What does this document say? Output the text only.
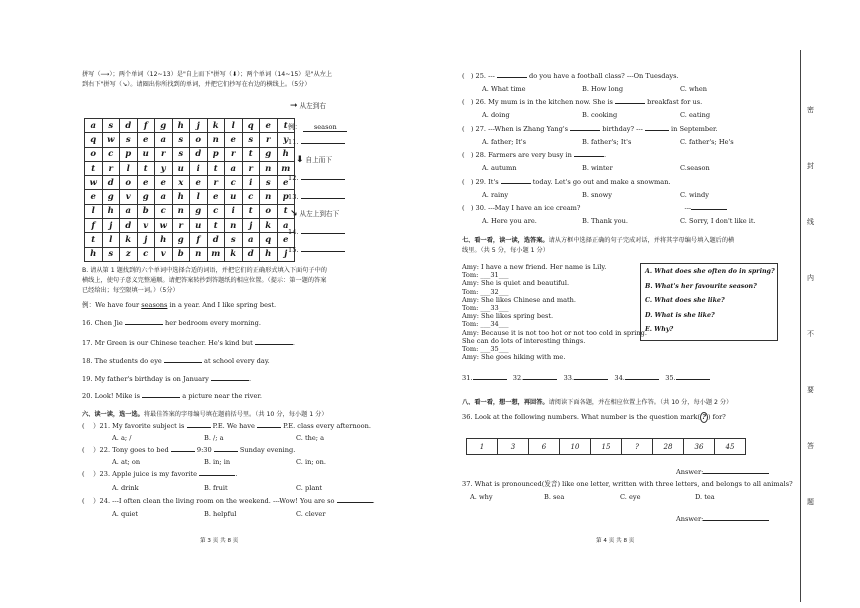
拼写（⟶）；两个单词（12~13）是"自上而下"拼写（⬇）；两个单词（14~15）是"从左上
到右下"拼写（↘）。请圈出你所找到的单词，并把它们抄写在右边的横线上。（5分）
a	s	d	f	g	h	j	k	l	q	e	t
q	w	s	e	a	s	o	n	e	s	r	y
o	c	p	u	r	s	d	p	r	t	g	h
t	r	l	t	y	u	i	t	a	r	n	m
w	d	o	e	e	x	e	r	c	i	s	e
e	g	v	g	a	h	l	e	u	c	n	p
l	h	a	b	c	n	g	c	i	t	o	t
f	j	d	v	w	r	u	t	n	j	k	a
t	l	k	j	h	g	f	d	s	a	q	e
h	s	z	c	v	b	n	m	k	d	h	j
➞ 从左到右
例： season
11.
⬇ 自上而下
12.
13.
↘ 从左上到右下
14.
15.
B. 请从第 1 题找到的六个单词中选择合适的词语，并把它们的正确形式填入下面句子中的
横线上，使句子意义完整通顺。请把答案转抄到答题纸的相应位置。（提示：第一题的答案
已经给出；每空限填一词。）（5分）
例：We have four seasons in a year. And I like spring best.
16. Chen Jie	her bedroom every morning.
17. Mr Green is our Chinese teacher. He's kind but	.
18. The students do eye	at school every day.
19. My father's birthday is on January	.
20. Look! Mike is	a picture near the river.
六、读一读，选一选。将最佳答案的字母编号填在题前括号里。（共 10 分，每小题 1 分）
( ）21. My favorite subject is	P.E. We have	P.E. class every afternoon.
A. a; /	B. /; a	C. the; a
( ）22. Tony goes to bed	9:30	Sunday evening.
A. at; on	B. in; in	C. in; on.
( ）23. Apple juice is my favorite	.
A. drink	B. fruit	C. plant
( ）24. ---I often clean the living room on the weekend. ---Wow! You are so	.
A. quiet	B. helpful	C. clever
第 3 页 共 8 页
( ) 25. ---	do you have a football class? ---On Tuesdays.
A. What time	B. How long	C. when
( ) 26. My mum is in the kitchen now. She is	breakfast for us.
A. doing	B. cooking	C. eating
( ) 27. ---When is Zhang Yang's	birthday? ---	in September.
A. father; It's	B. father's; It's	C. father's; He's
( ) 28. Farmers are very busy in	.
A. autumn	B. winter	C.season
( ) 29. It's	today. Let's go out and make a snowman.
A. rainy	B. snowy	C. windy
( ) 30. ---May I have an ice cream?	---
A. Here you are.	B. Thank you.	C. Sorry, I don't like it.
七、看一看，读一读，选答案。请从方框中选择正确的句子完成对话，并将其字母编号填入题后的横
线里。（共 5 分，每小题 1 分）
Amy: I have a new friend. Her name is Lily.
Tom: ___31___
Amy: She is quiet and beautiful.
Tom: ___32___
Amy: She likes Chinese and math.
Tom: ___33___
Amy: She likes spring best.
Tom: ___34___
Amy: Because it is not too hot or not too cold in spring.
She can do lots of interesting things.
Tom: ___35___
Amy: She goes hiking with me.
A. What does she often do in spring?
B. What's her favourite season?
C. What does she like?
D. What is she like?
E. Why?
31.	32.	33.	34.	35.
八、看一看，想一想，再回答。请阅读下面各题，并在相应位置上作答。（共 10 分，每小题 2 分）
36. Look at the following numbers. What number is the question mark( ? ) for?
1	3	6	10	15	?	28	36	45
Answer:
37. What is pronounced(发音) like one letter, written with three letters, and belongs to all animals?
A. why	B. sea	C. eye	D. tea
Answer:
第 4 页 共 8 页
密
封
线
内
不
要
答
题
